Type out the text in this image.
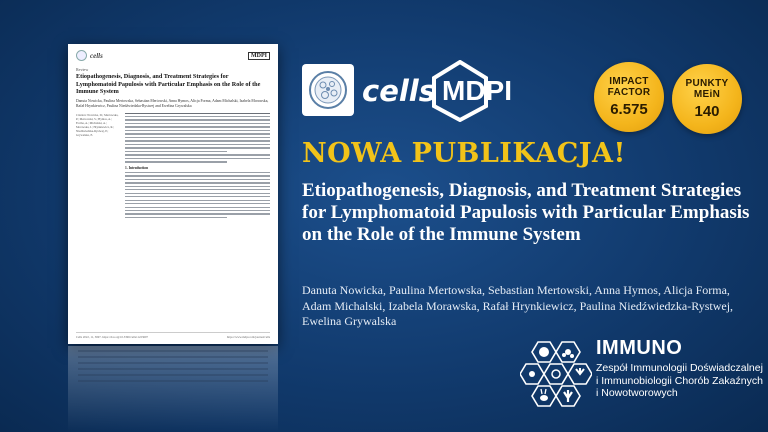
cells	MDPI
Review
Etiopathogenesis, Diagnosis, and Treatment Strategies for Lymphomatoid Papulosis with Particular Emphasis on the Role of the Immune System
Danuta Nowicka, Paulina Mertowska, Sebastian Mertowski, Anna Hymos, Alicja Forma, Adam Michalski, Izabela Morawska, Rafał Hrynkiewicz, Paulina Niedźwiedzka-Rystwej and Ewelina Grywalska
Citation: Nowicka, D.; Mertowska, P.; Mertowski, S.; Hymos, A.; Forma, A.; Michalski, A.; Morawska, I.; Hrynkiewicz, R.; Niedźwiedzka-Rystwej, P.; Grywalska, E.
1. Introduction
Cells 2022, 11, 3697. https://doi.org/10.3390/cells11223697	https://www.mdpi.com/journal/cells
cells MDPI	IMPACT
FACTOR
6.575
PUNKTY
MEiN
140
NOWA PUBLIKACJA!
Etiopathogenesis, Diagnosis, and Treatment Strategies for Lymphomatoid Papulosis with Particular Emphasis on the Role of the Immune System
Danuta Nowicka, Paulina Mertowska, Sebastian Mertowski, Anna Hymos, Alicja Forma, Adam Michalski, Izabela Morawska, Rafał Hrynkiewicz, Paulina Niedźwiedzka-Rystwej, Ewelina Grywalska
IMMUNO
Zespół Immunologii Doświadczalnej i Immunobiologii Chorób Zakaźnych i Nowotworowych
